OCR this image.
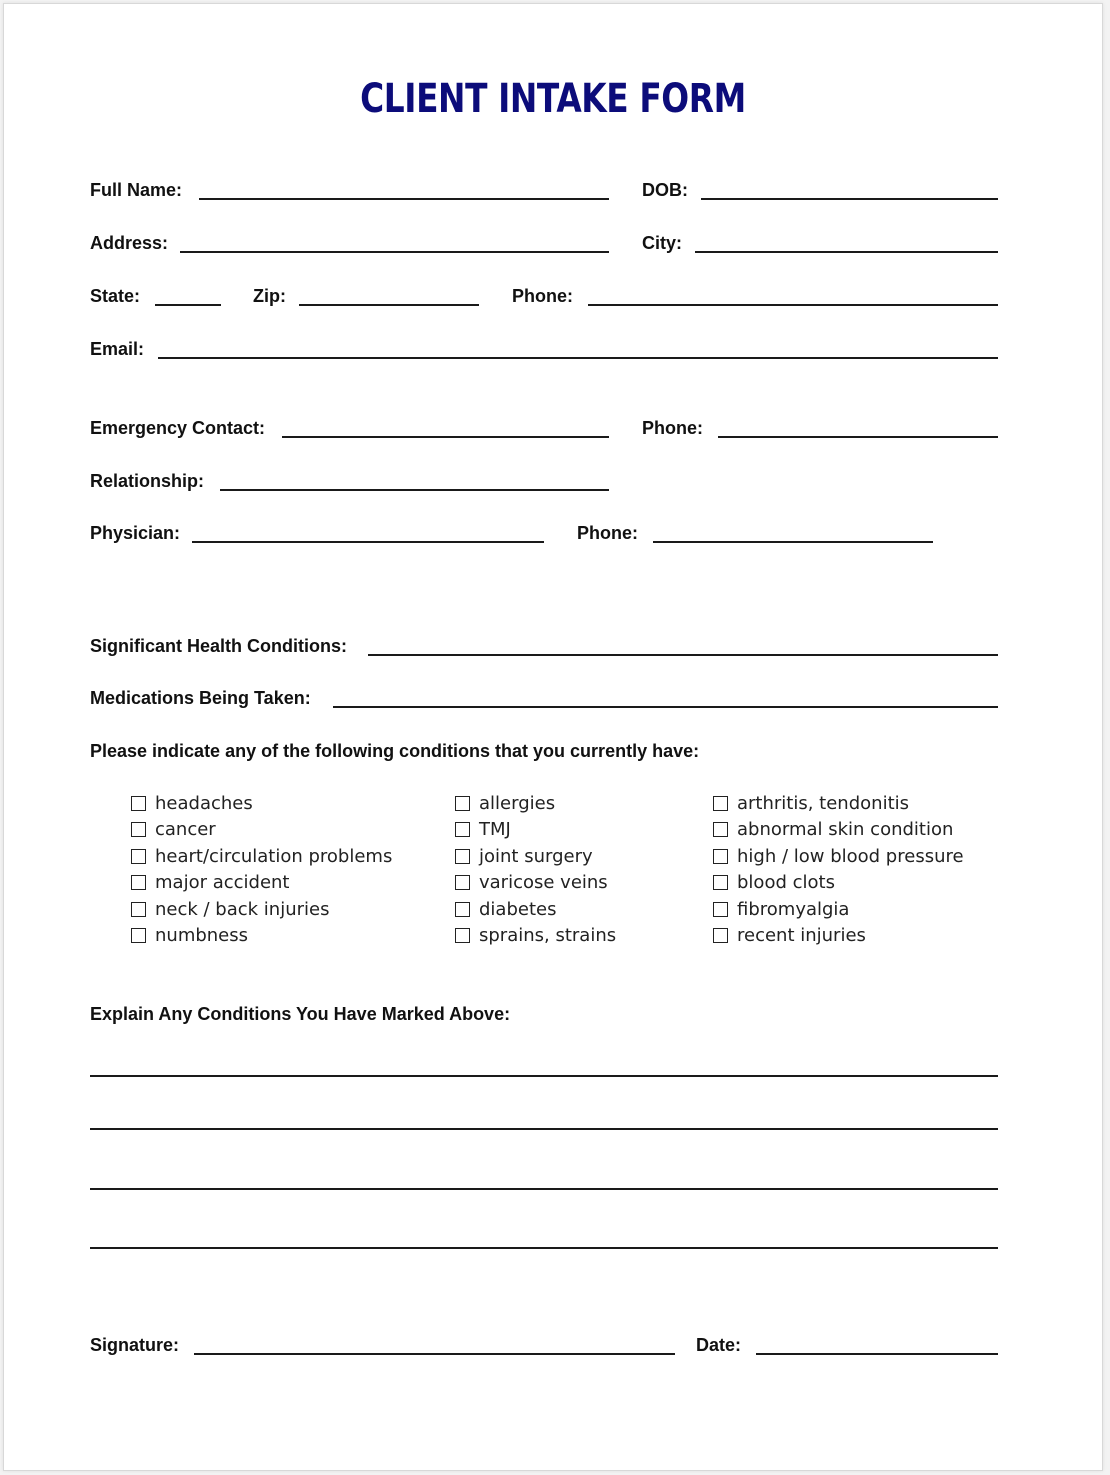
CLIENT INTAKE FORM
Full Name:	DOB:
Address:	City:
State:	Zip:	Phone:
Email:
Emergency Contact:	Phone:
Relationship:
Physician:	Phone:
Significant Health Conditions:
Medications Being Taken:
Please indicate any of the following conditions that you currently have:
headaches
cancer
heart/circulation problems
major accident
neck / back injuries
numbness
allergies
TMJ
joint surgery
varicose veins
diabetes
sprains, strains
arthritis, tendonitis
abnormal skin condition
high / low blood pressure
blood clots
fibromyalgia
recent injuries
Explain Any Conditions You Have Marked Above:
Signature:	Date:
